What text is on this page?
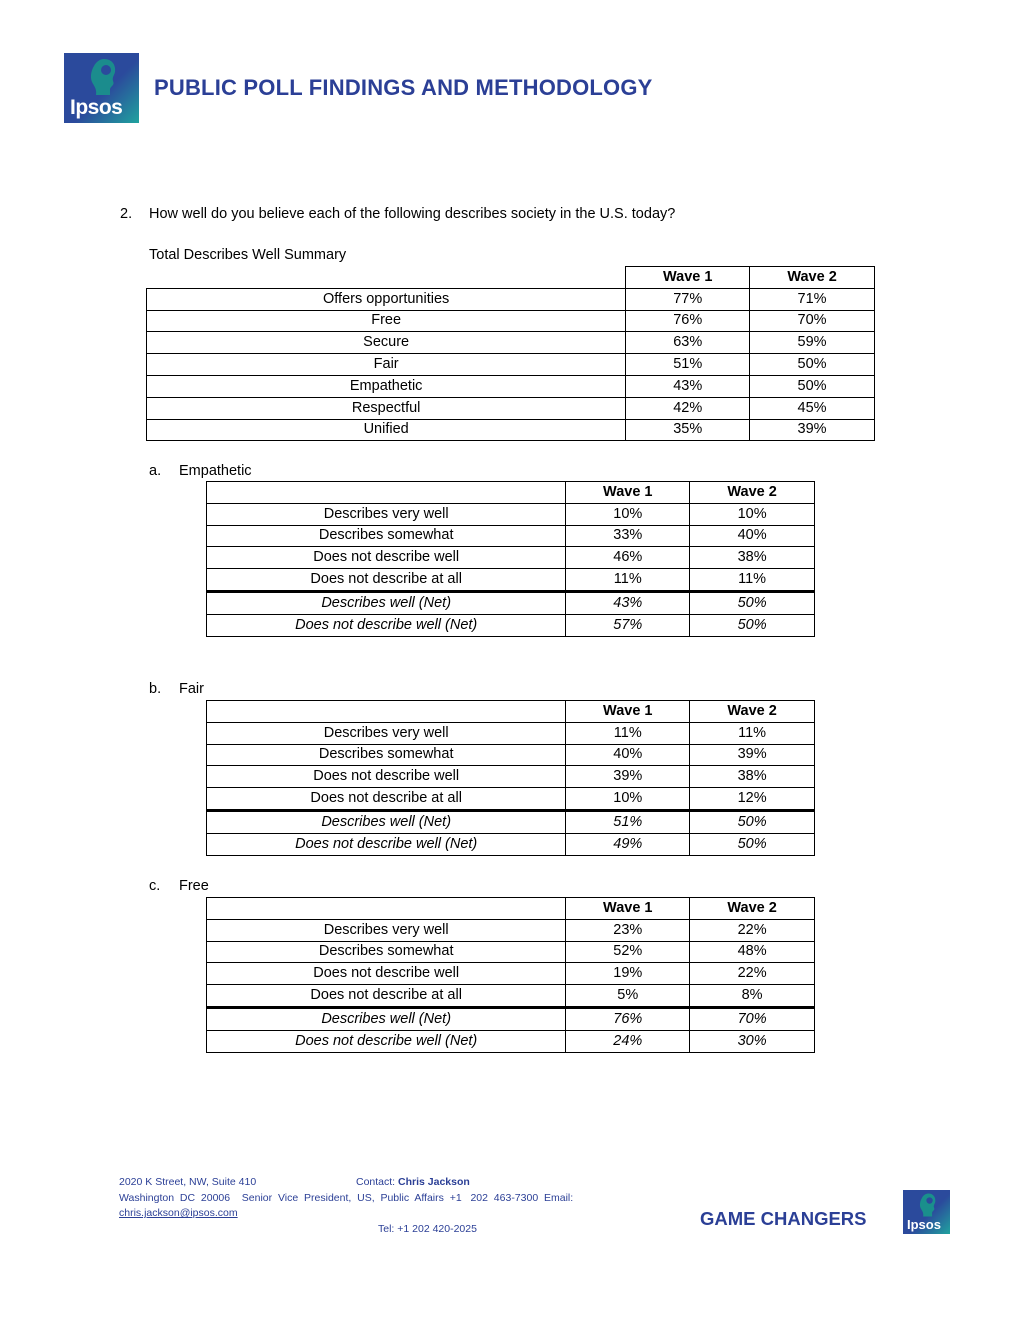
Ipsos
PUBLIC POLL FINDINGS AND METHODOLOGY
2. How well do you believe each of the following describes society in the U.S. today?
Total Describes Well Summary
	Wave 1	Wave 2
Offers opportunities	77%	71%
Free	76%	70%
Secure	63%	59%
Fair	51%	50%
Empathetic	43%	50%
Respectful	42%	45%
Unified	35%	39%
a. Empathetic
	Wave 1	Wave 2
Describes very well	10%	10%
Describes somewhat	33%	40%
Does not describe well	46%	38%
Does not describe at all	11%	11%
Describes well (Net)	43%	50%
Does not describe well (Net)	57%	50%
b. Fair
	Wave 1	Wave 2
Describes very well	11%	11%
Describes somewhat	40%	39%
Does not describe well	39%	38%
Does not describe at all	10%	12%
Describes well (Net)	51%	50%
Does not describe well (Net)	49%	50%
c. Free
	Wave 1	Wave 2
Describes very well	23%	22%
Describes somewhat	52%	48%
Does not describe well	19%	22%
Does not describe at all	5%	8%
Describes well (Net)	76%	70%
Does not describe well (Net)	24%	30%
2020 K Street, NW, Suite 410	Contact: Chris Jackson
Washington  DC  20006    Senior  Vice  President,  US,  Public  Affairs  +1   202  463-7300  Email:
chris.jackson@ipsos.com
Tel: +1 202 420-2025	GAME CHANGERS	Ipsos
